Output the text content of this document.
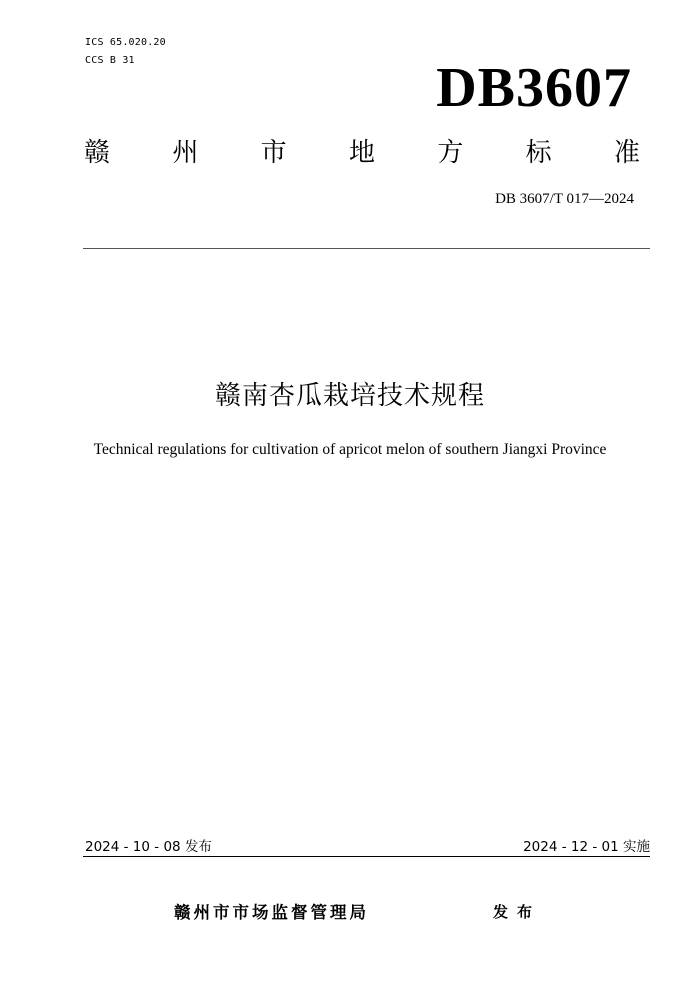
ICS 65.020.20
CCS B 31	DB3607
赣 州 市 地 方 标 准
DB 3607/T 017—2024
赣南杏瓜栽培技术规程
Technical regulations for cultivation of apricot melon of southern Jiangxi Province
2024 - 10 - 08 发布	2024 - 12 - 01 实施
赣州市市场监督管理局	发布
